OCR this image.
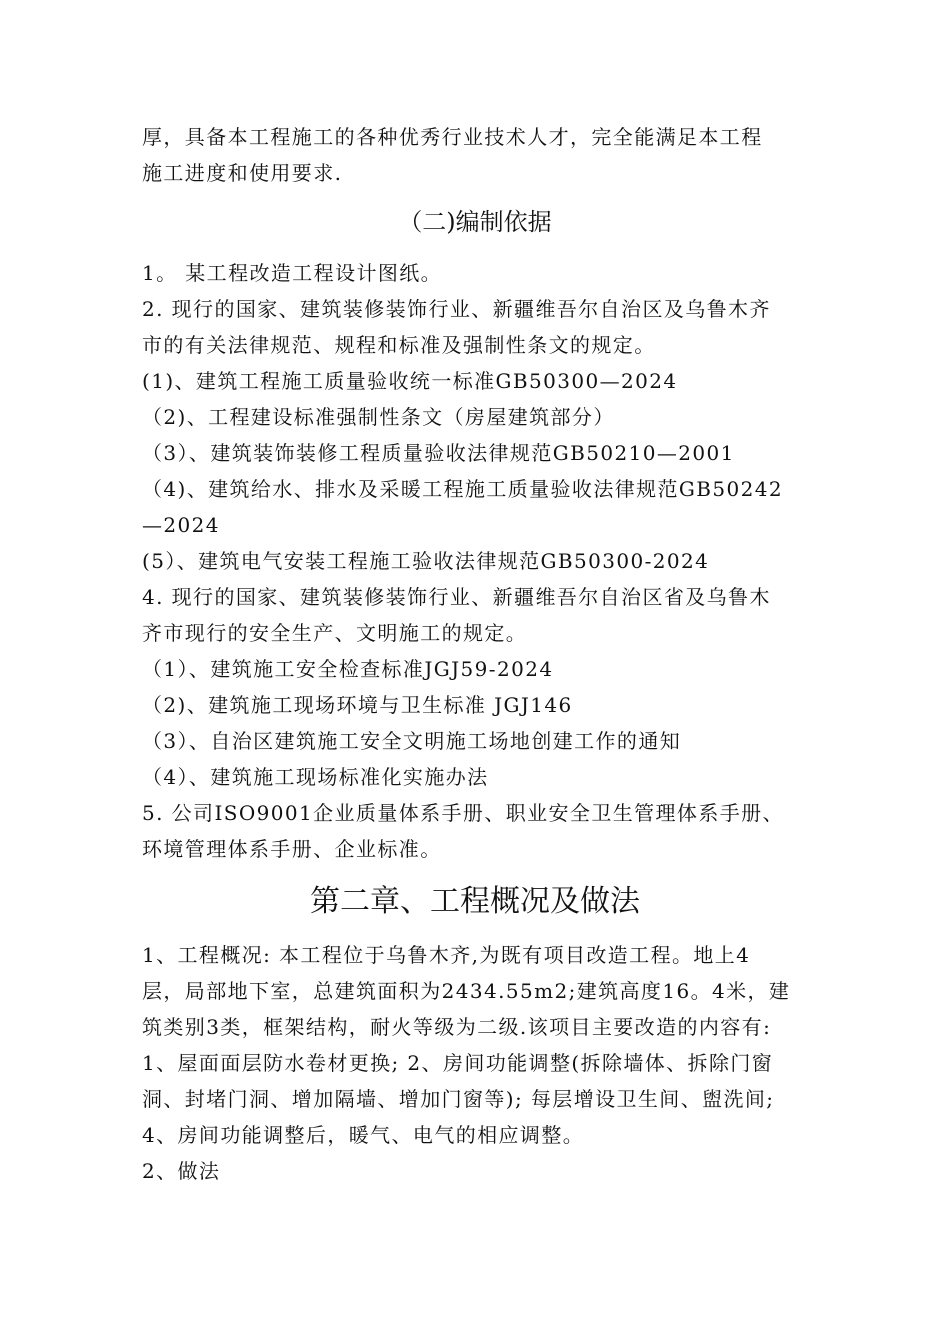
厚，具备本工程施工的各种优秀行业技术人才，完全能满足本工程
施工进度和使用要求.
（二)编制依据
1。 某工程改造工程设计图纸。
2. 现行的国家、建筑装修装饰行业、新疆维吾尔自治区及乌鲁木齐
市的有关法律规范、规程和标准及强制性条文的规定。
(1)、建筑工程施工质量验收统一标准GB50300—2024
（2)、工程建设标准强制性条文（房屋建筑部分）
（3）、建筑装饰装修工程质量验收法律规范GB50210—2001
（4)、建筑给水、排水及采暖工程施工质量验收法律规范GB50242
—2024
(5）、建筑电气安装工程施工验收法律规范GB50300-2024
4. 现行的国家、建筑装修装饰行业、新疆维吾尔自治区省及乌鲁木
齐市现行的安全生产、文明施工的规定。
（1）、建筑施工安全检查标准JGJ59-2024
（2)、建筑施工现场环境与卫生标准 JGJ146
（3）、自治区建筑施工安全文明施工场地创建工作的通知
（4）、建筑施工现场标准化实施办法
5. 公司ISO9001企业质量体系手册、职业安全卫生管理体系手册、
环境管理体系手册、企业标准。
第二章、工程概况及做法
1、工程概况: 本工程位于乌鲁木齐,为既有项目改造工程。地上4
层，局部地下室，总建筑面积为2434.55m2;建筑高度16。4米，建
筑类别3类，框架结构，耐火等级为二级.该项目主要改造的内容有:
1、屋面面层防水卷材更换; 2、房间功能调整(拆除墙体、拆除门窗
洞、封堵门洞、增加隔墙、增加门窗等); 每层增设卫生间、盥洗间;
4、房间功能调整后，暖气、电气的相应调整。
2、做法
